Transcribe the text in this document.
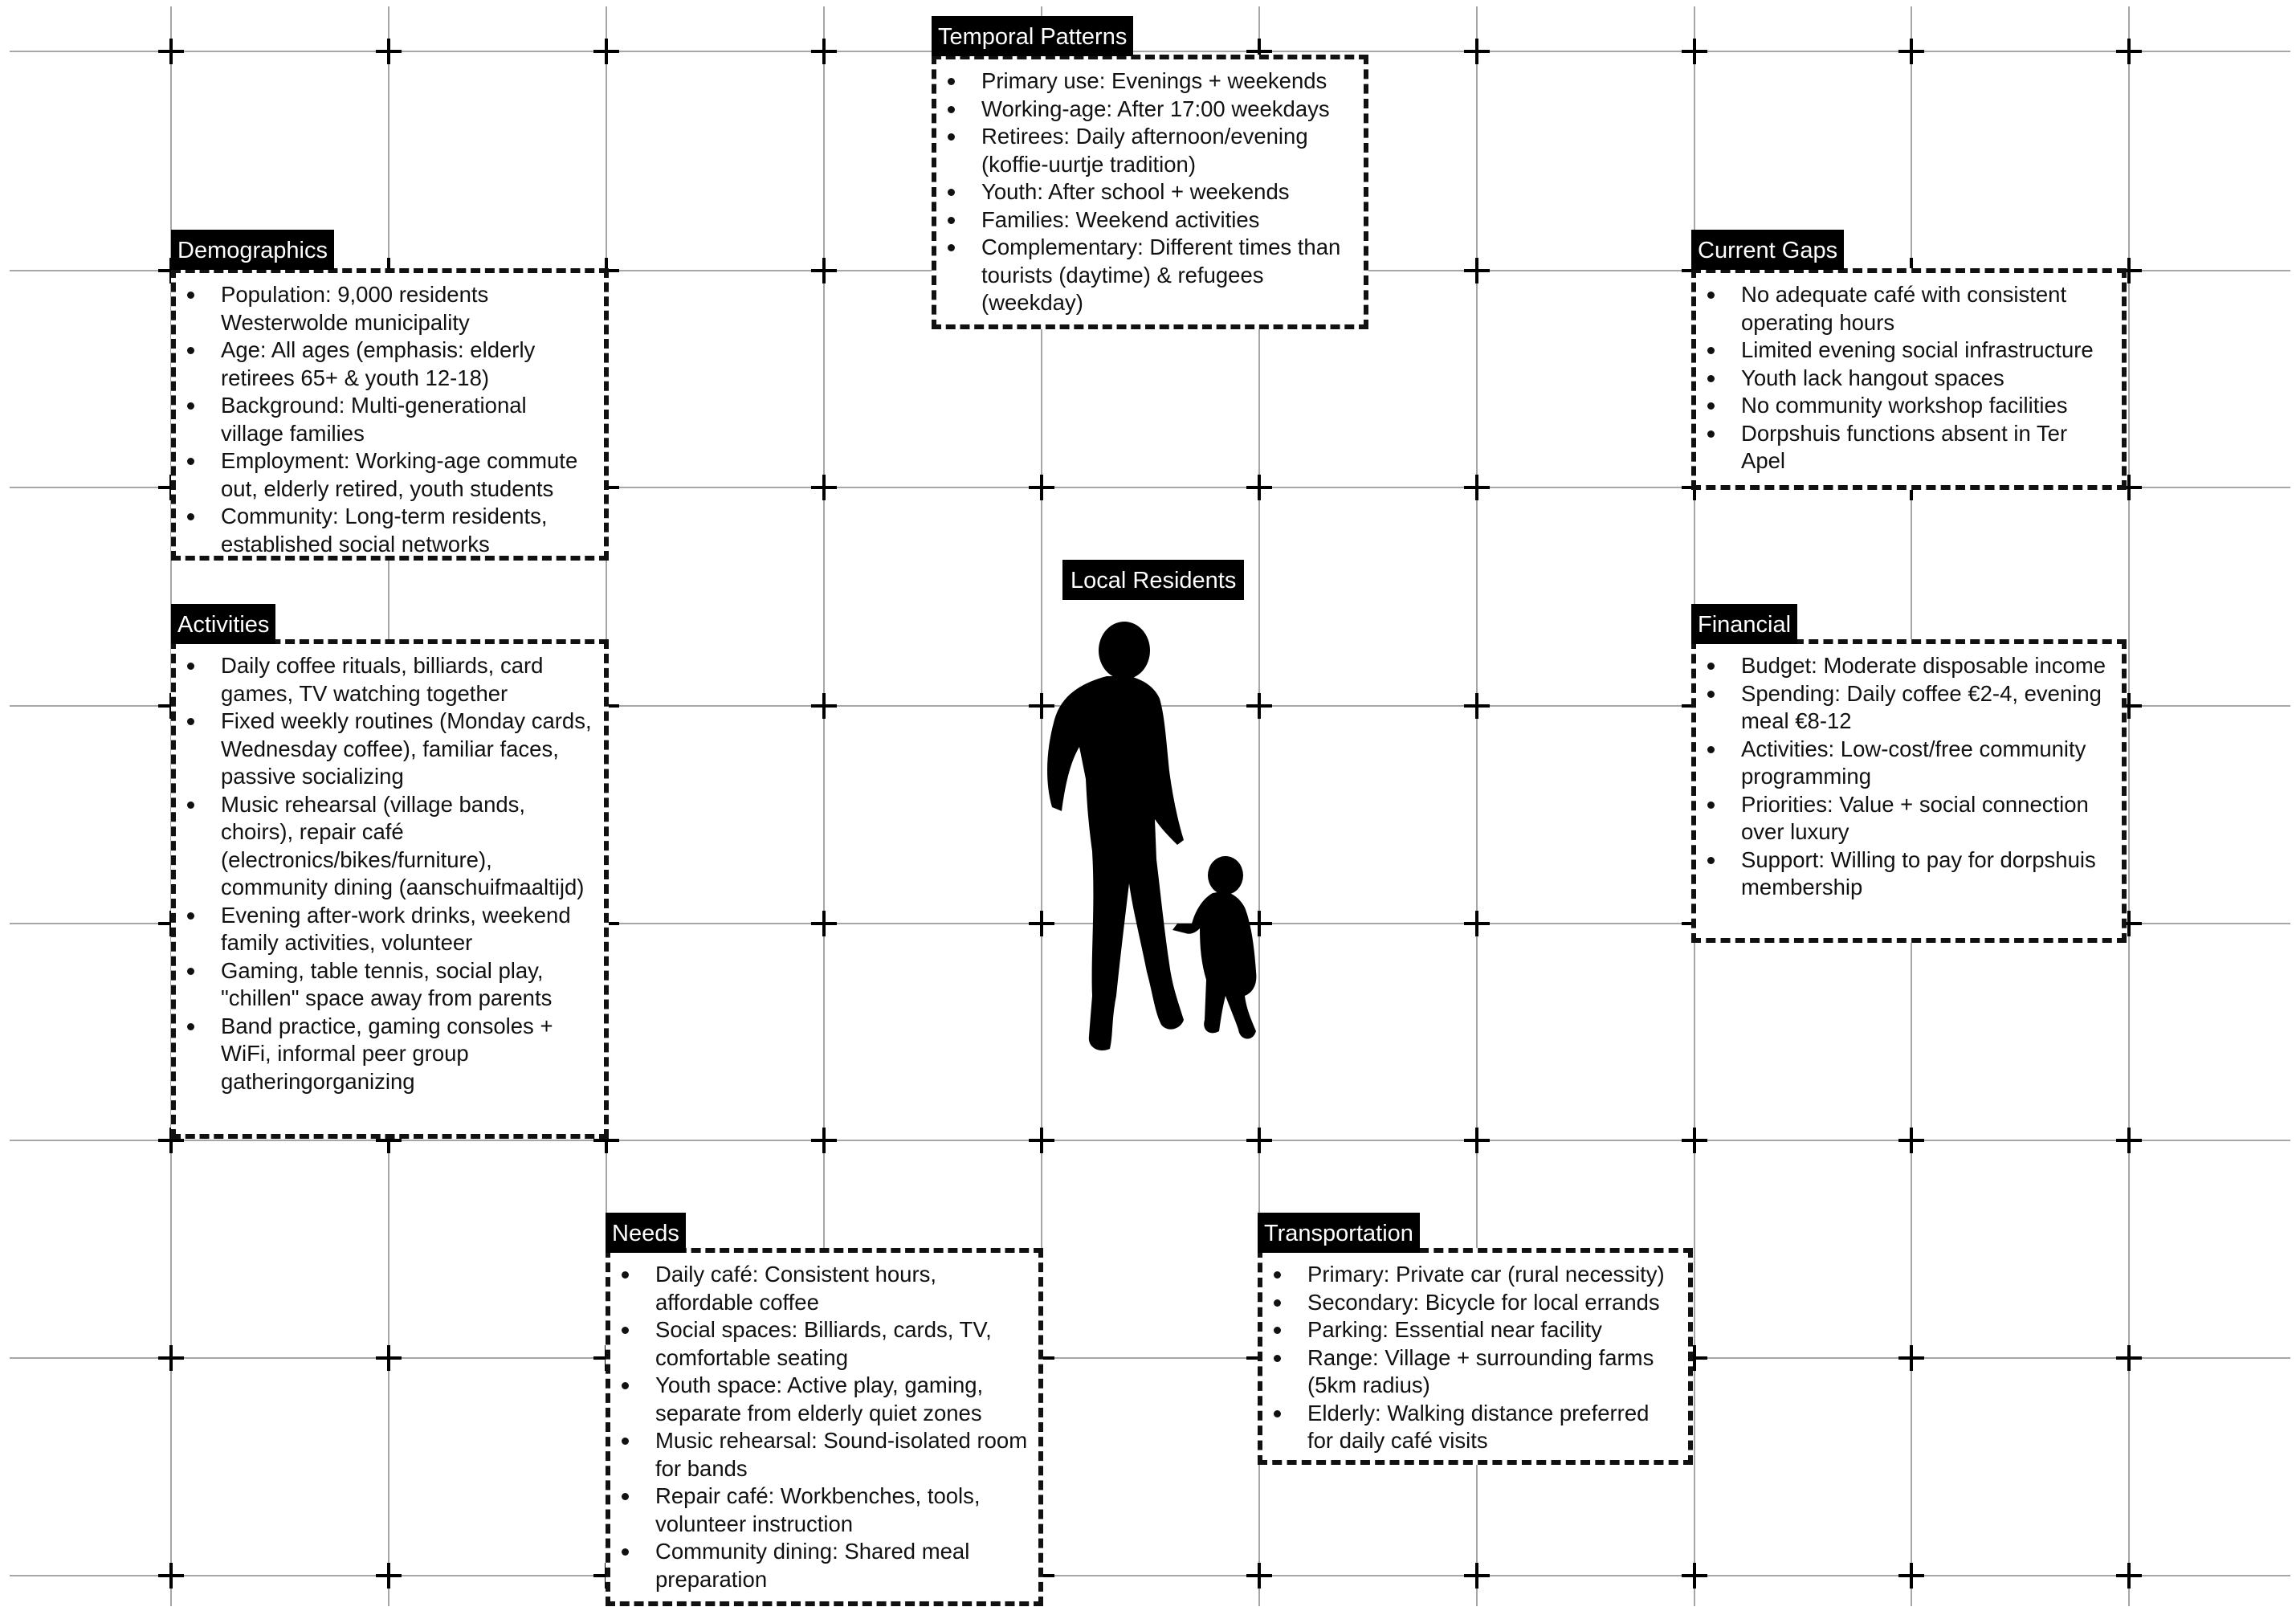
Temporal Patterns
Primary use: Evenings + weekends
Working-age: After 17:00 weekdays
Retirees: Daily afternoon/evening (koffie-uurtje tradition)
Youth: After school + weekends
Families: Weekend activities
Complementary: Different times than tourists (daytime) & refugees (weekday)
Demographics
Population: 9,000 residents Westerwolde municipality
Age: All ages (emphasis: elderly retirees 65+ & youth 12-18)
Background: Multi-generational village families
Employment: Working-age commute out, elderly retired, youth students
Community: Long-term residents, established social networks
Current Gaps
No adequate café with consistent operating hours
Limited evening social infrastructure
Youth lack hangout spaces
No community workshop facilities
Dorpshuis functions absent in Ter Apel
Activities
Daily coffee rituals, billiards, card games, TV watching together
Fixed weekly routines (Monday cards, Wednesday coffee), familiar faces, passive socializing
Music rehearsal (village bands, choirs), repair café (electronics/bikes/furniture), community dining (aanschuifmaaltijd)
Evening after-work drinks, weekend family activities, volunteer
Gaming, table tennis, social play, "chillen" space away from parents
Band practice, gaming consoles + WiFi, informal peer group gatheringorganizing
Financial
Budget: Moderate disposable income
Spending: Daily coffee €2-4, evening meal €8-12
Activities: Low-cost/free community programming
Priorities: Value + social connection over luxury
Support: Willing to pay for dorpshuis membership
Needs
Daily café: Consistent hours, affordable coffee
Social spaces: Billiards, cards, TV, comfortable seating
Youth space: Active play, gaming, separate from elderly quiet zones
Music rehearsal: Sound-isolated room for bands
Repair café: Workbenches, tools, volunteer instruction
Community dining: Shared meal preparation
Transportation
Primary: Private car (rural necessity)
Secondary: Bicycle for local errands
Parking: Essential near facility
Range: Village + surrounding farms (5km radius)
Elderly: Walking distance preferred for daily café visits
Local Residents
